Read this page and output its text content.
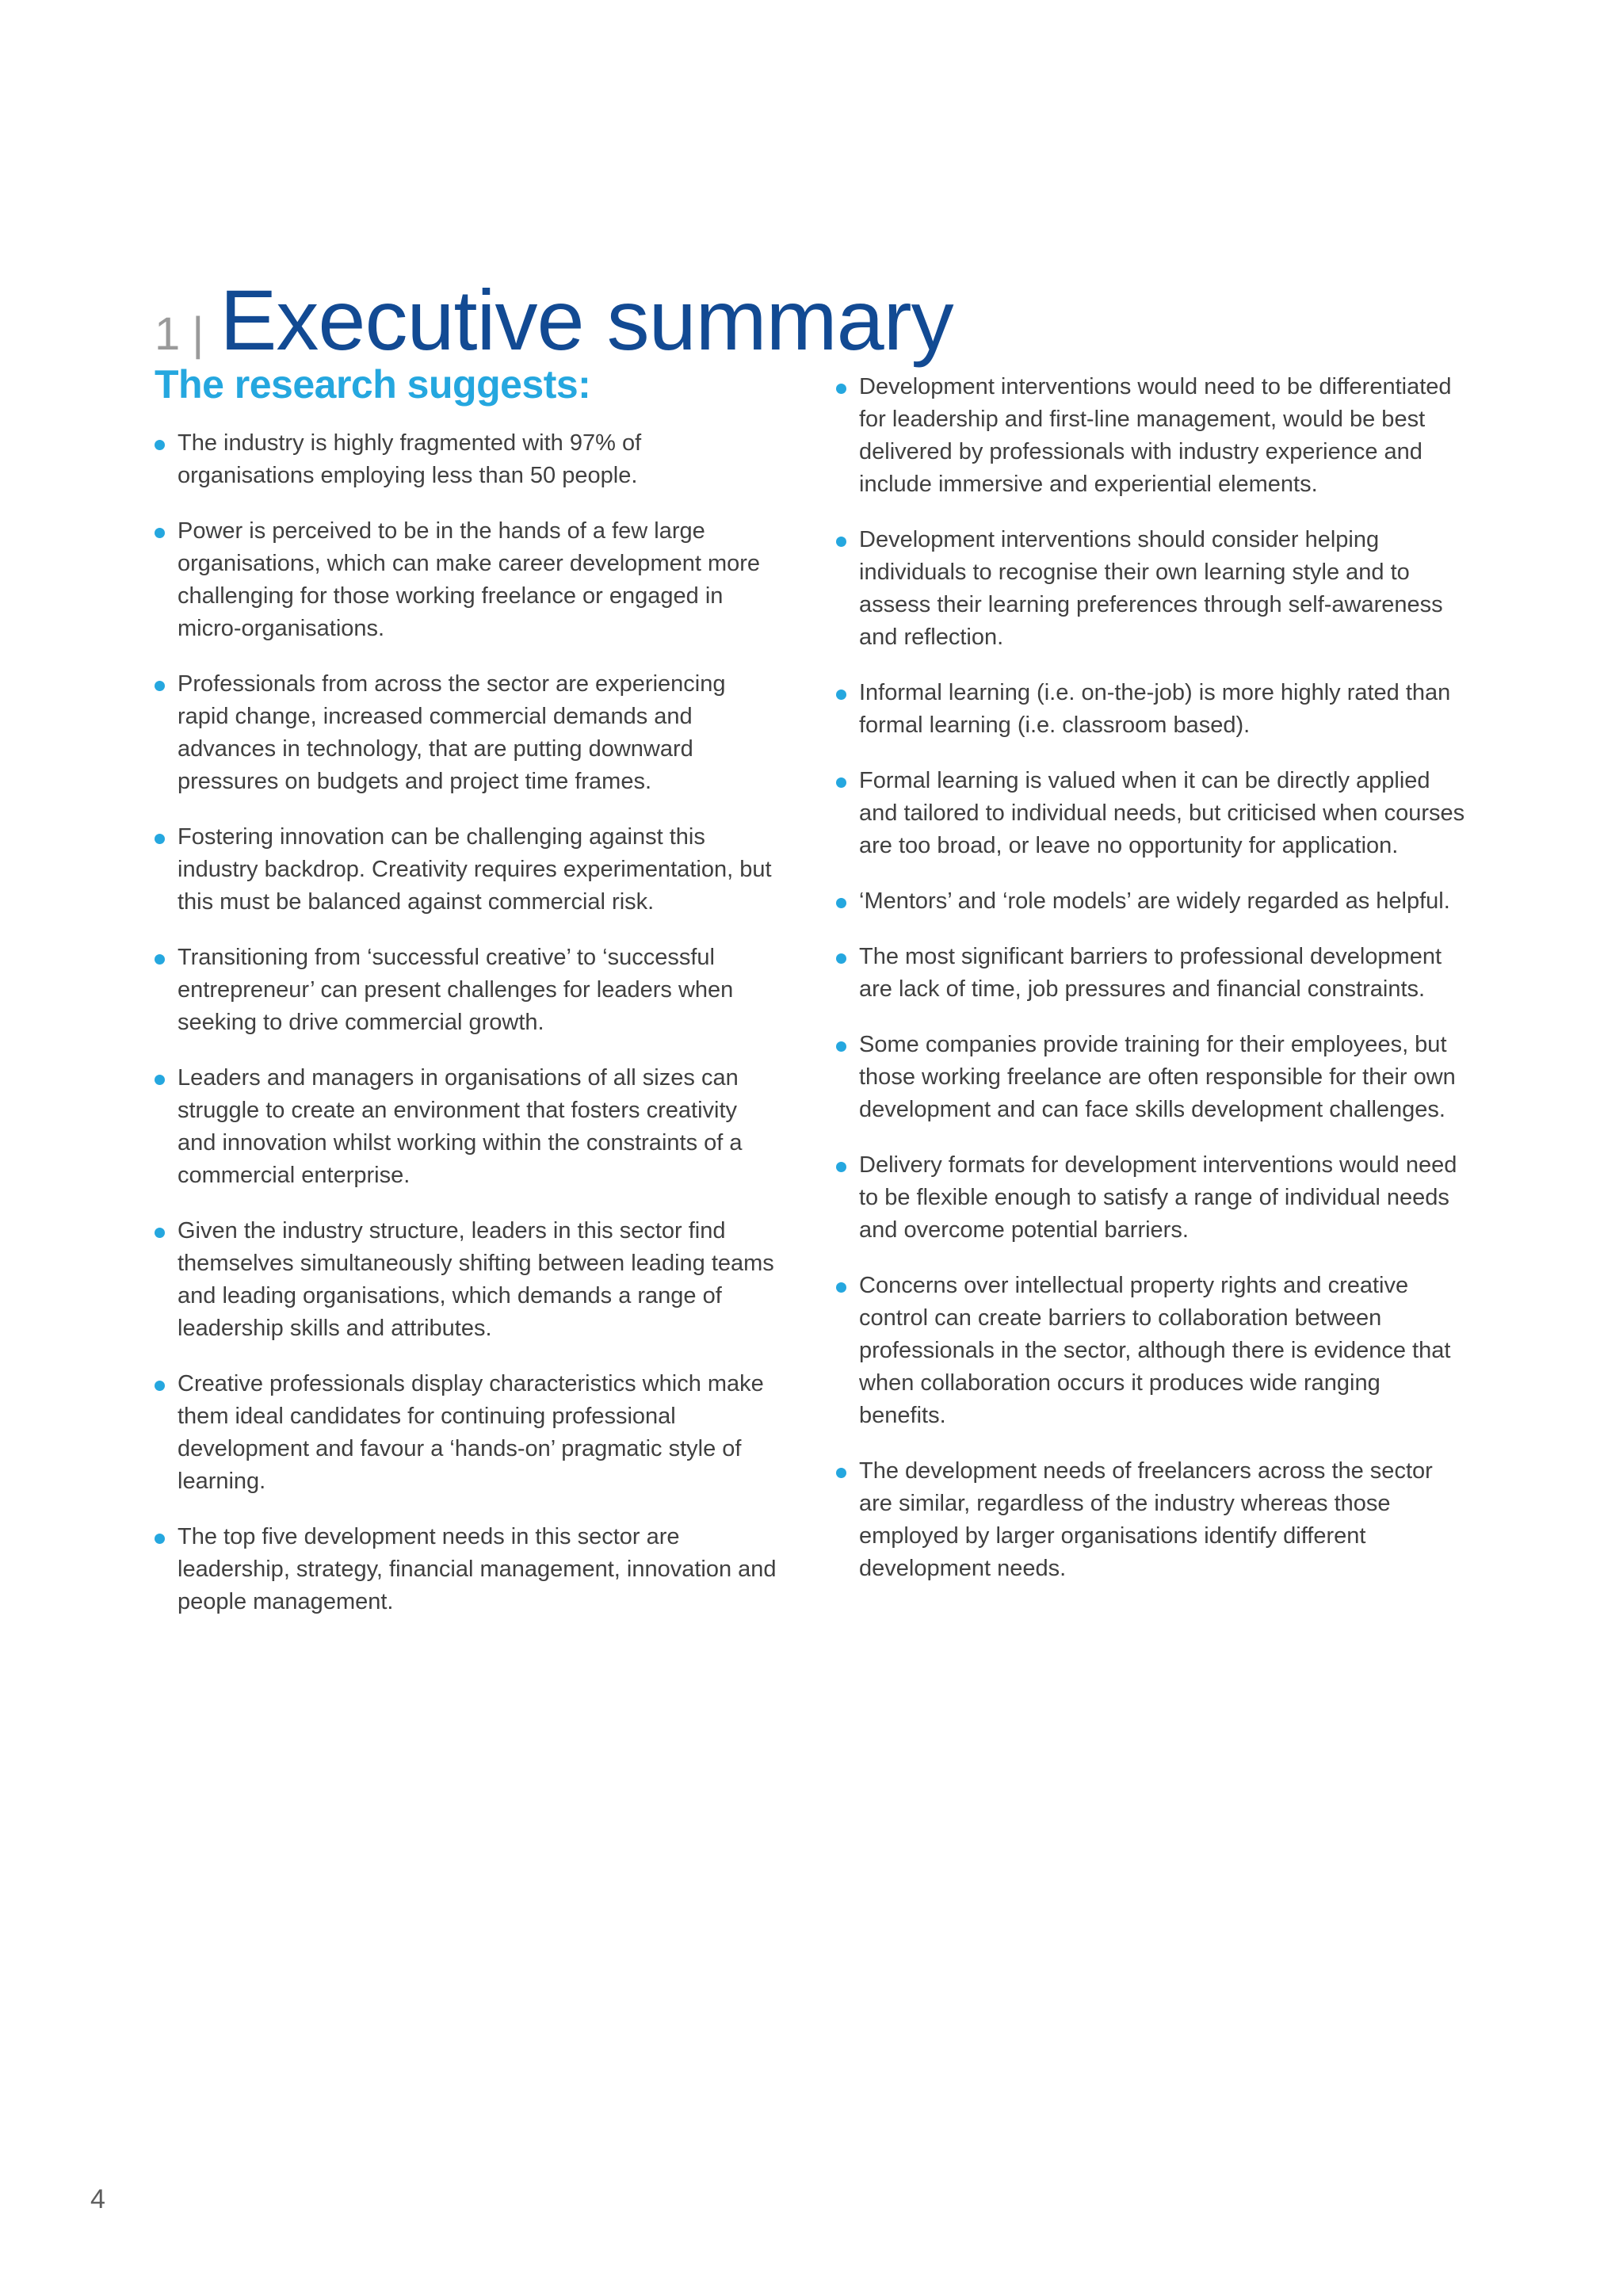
1 | Executive summary
The research suggests:
The industry is highly fragmented with 97% of organisations employing less than 50 people.
Power is perceived to be in the hands of a few large organisations, which can make career development more challenging for those working freelance or engaged in micro-organisations.
Professionals from across the sector are experiencing rapid change, increased commercial demands and advances in technology, that are putting downward pressures on budgets and project time frames.
Fostering innovation can be challenging against this industry backdrop. Creativity requires experimentation, but this must be balanced against commercial risk.
Transitioning from ‘successful creative’ to ‘successful entrepreneur’ can present challenges for leaders when seeking to drive commercial growth.
Leaders and managers in organisations of all sizes can struggle to create an environment that fosters creativity and innovation whilst working within the constraints of a commercial enterprise.
Given the industry structure, leaders in this sector find themselves simultaneously shifting between leading teams and leading organisations, which demands a range of leadership skills and attributes.
Creative professionals display characteristics which make them ideal candidates for continuing professional development and favour a ‘hands-on’ pragmatic style of learning.
The top five development needs in this sector are leadership, strategy, financial management, innovation and people management.
Development interventions would need to be differentiated for leadership and first-line management, would be best delivered by professionals with industry experience and include immersive and experiential elements.
Development interventions should consider helping individuals to recognise their own learning style and to assess their learning preferences through self-awareness and reflection.
Informal learning (i.e. on-the-job) is more highly rated than formal learning (i.e. classroom based).
Formal learning is valued when it can be directly applied and tailored to individual needs, but criticised when courses are too broad, or leave no opportunity for application.
‘Mentors’ and ‘role models’ are widely regarded as helpful.
The most significant barriers to professional development are lack of time, job pressures and financial constraints.
Some companies provide training for their employees, but those working freelance are often responsible for their own development and can face skills development challenges.
Delivery formats for development interventions would need to be flexible enough to satisfy a range of individual needs and overcome potential barriers.
Concerns over intellectual property rights and creative control can create barriers to collaboration between professionals in the sector, although there is evidence that when collaboration occurs it produces wide ranging benefits.
The development needs of freelancers across the sector are similar, regardless of the industry whereas those employed by larger organisations identify different development needs.
4
